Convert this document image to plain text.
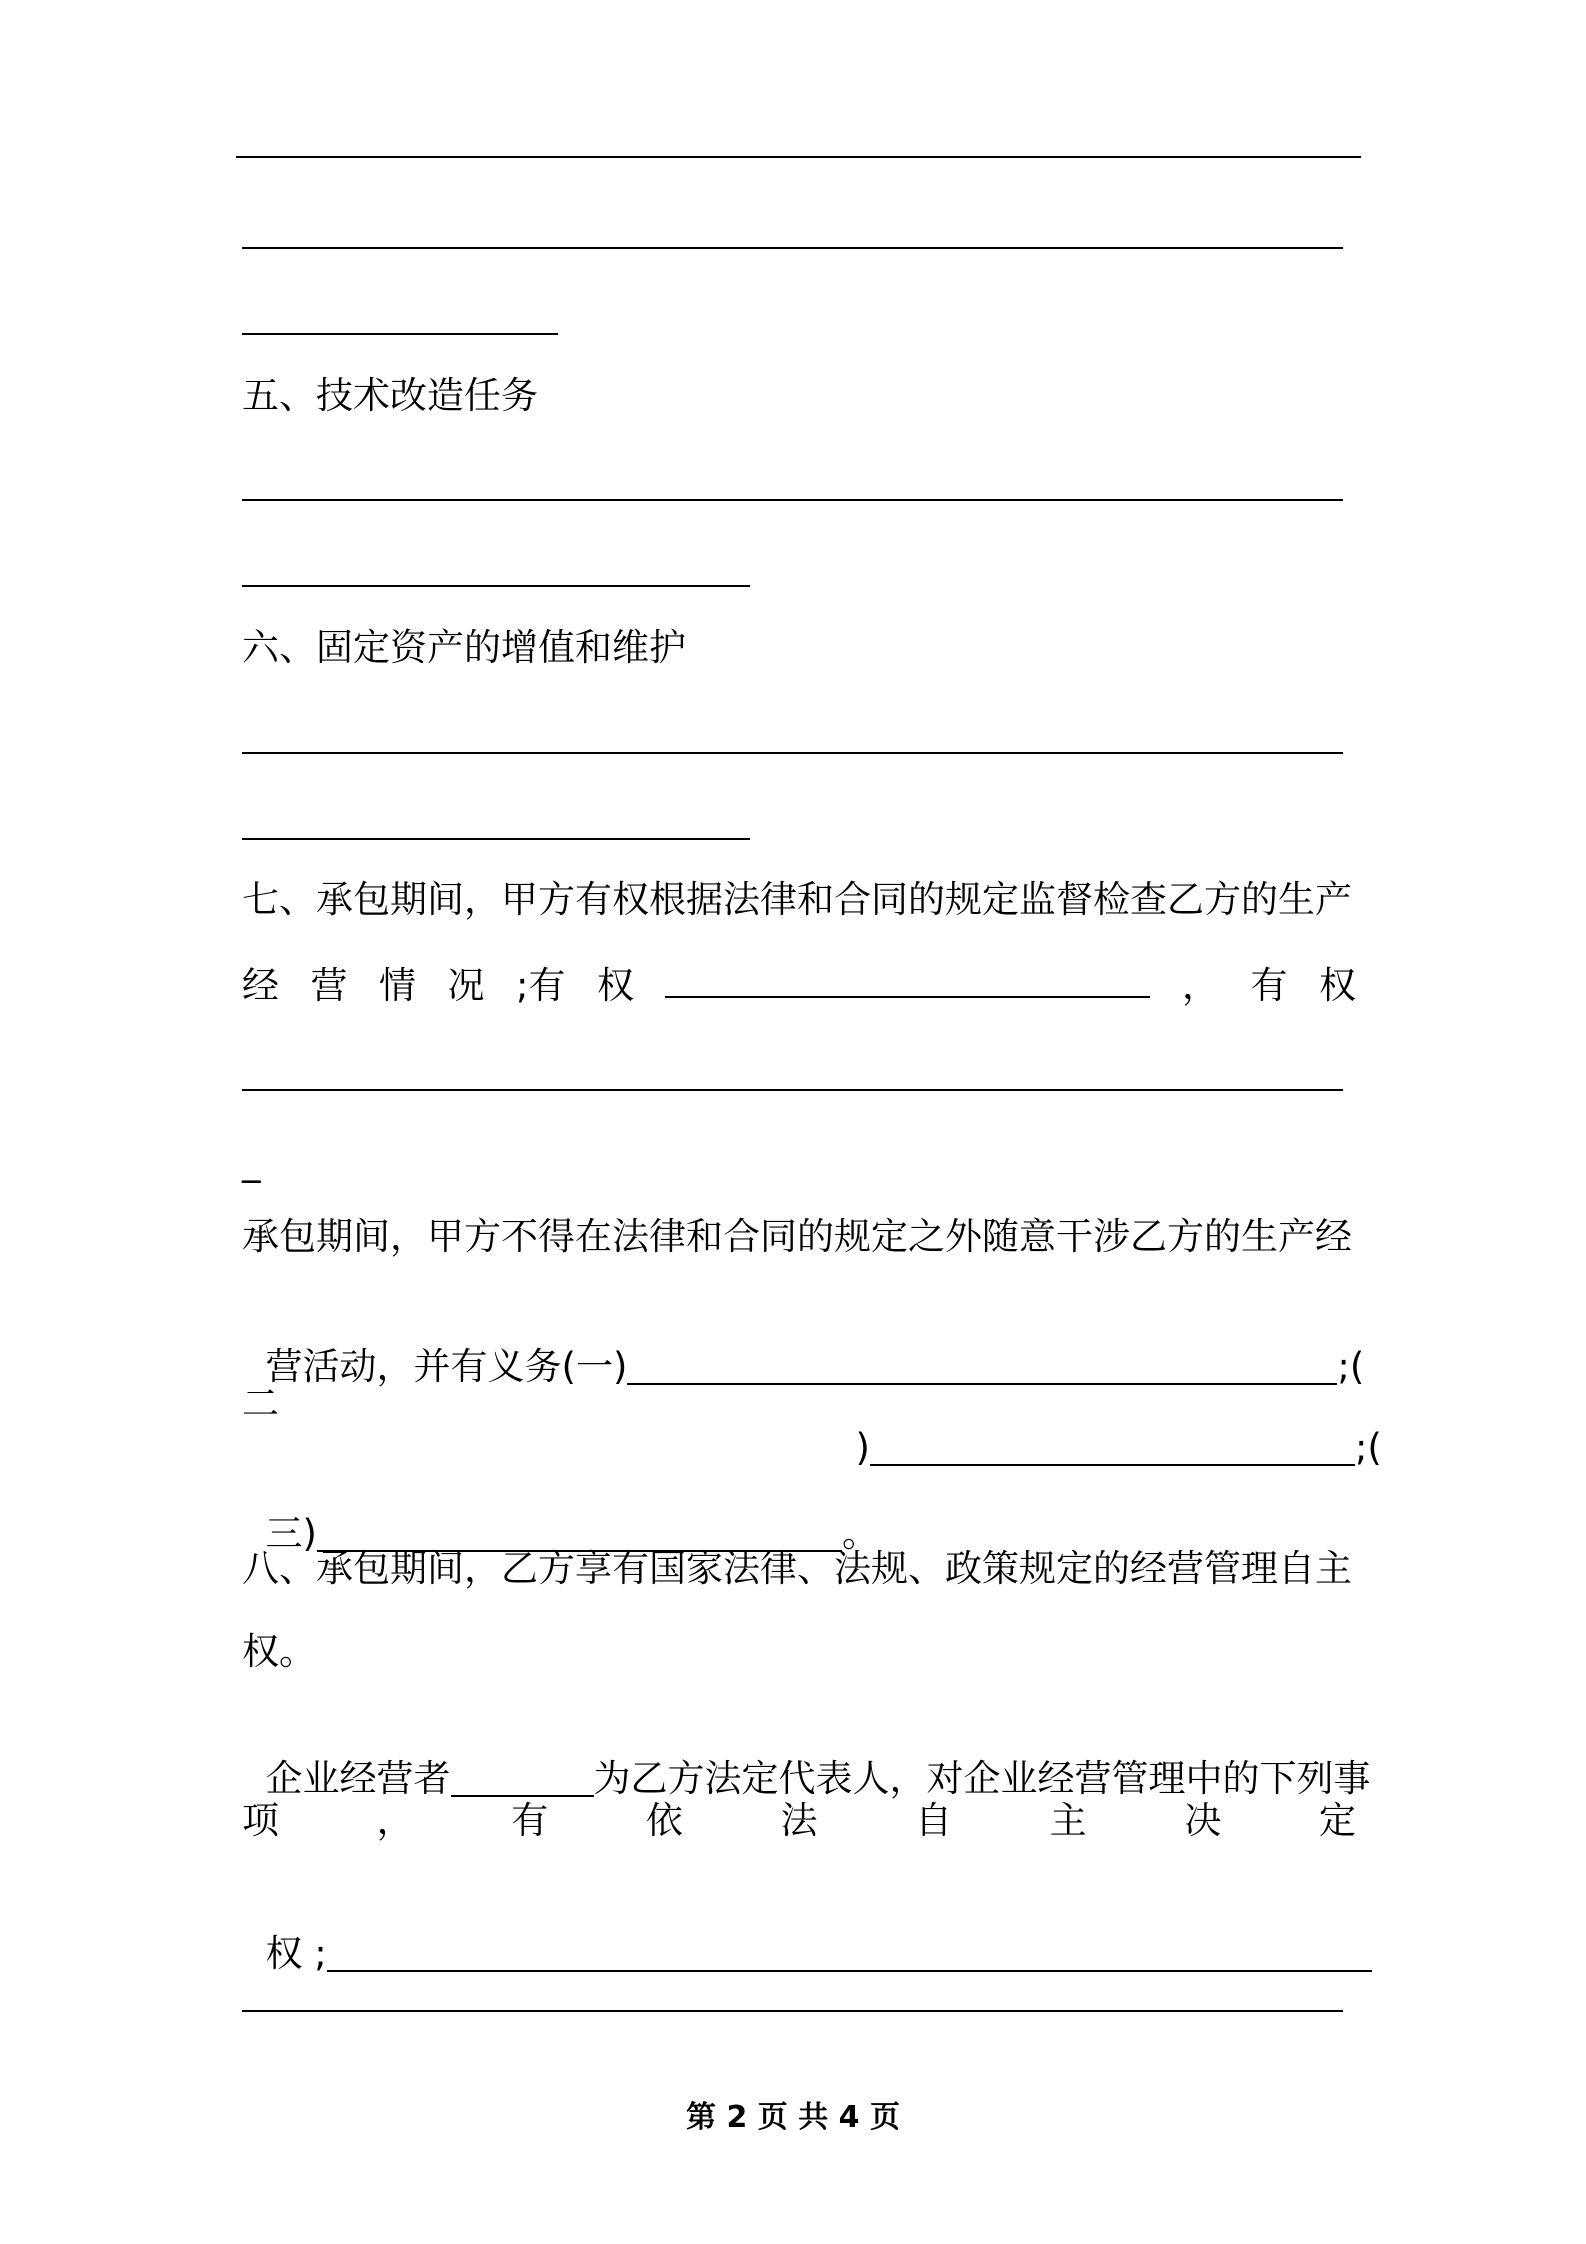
五、技术改造任务
六、固定资产的增值和维护
七、承包期间，甲方有权根据法律和合同的规定监督检查乙方的生产
经 营 情 况 ;有 权	， 有 权
_
承包期间，甲方不得在法律和合同的规定之外随意干涉乙方的生产经

营活动，并有义务(一)	;(

二

)	;(

三)	。

八、承包期间，乙方享有国家法律、法规、政策规定的经营管理自主
权。

企业经营者	为乙方法定代表人，对企业经营管理中的下列事

项	，	有	依	法	自	主	决	定

权 ;

第 2 页 共 4 页
